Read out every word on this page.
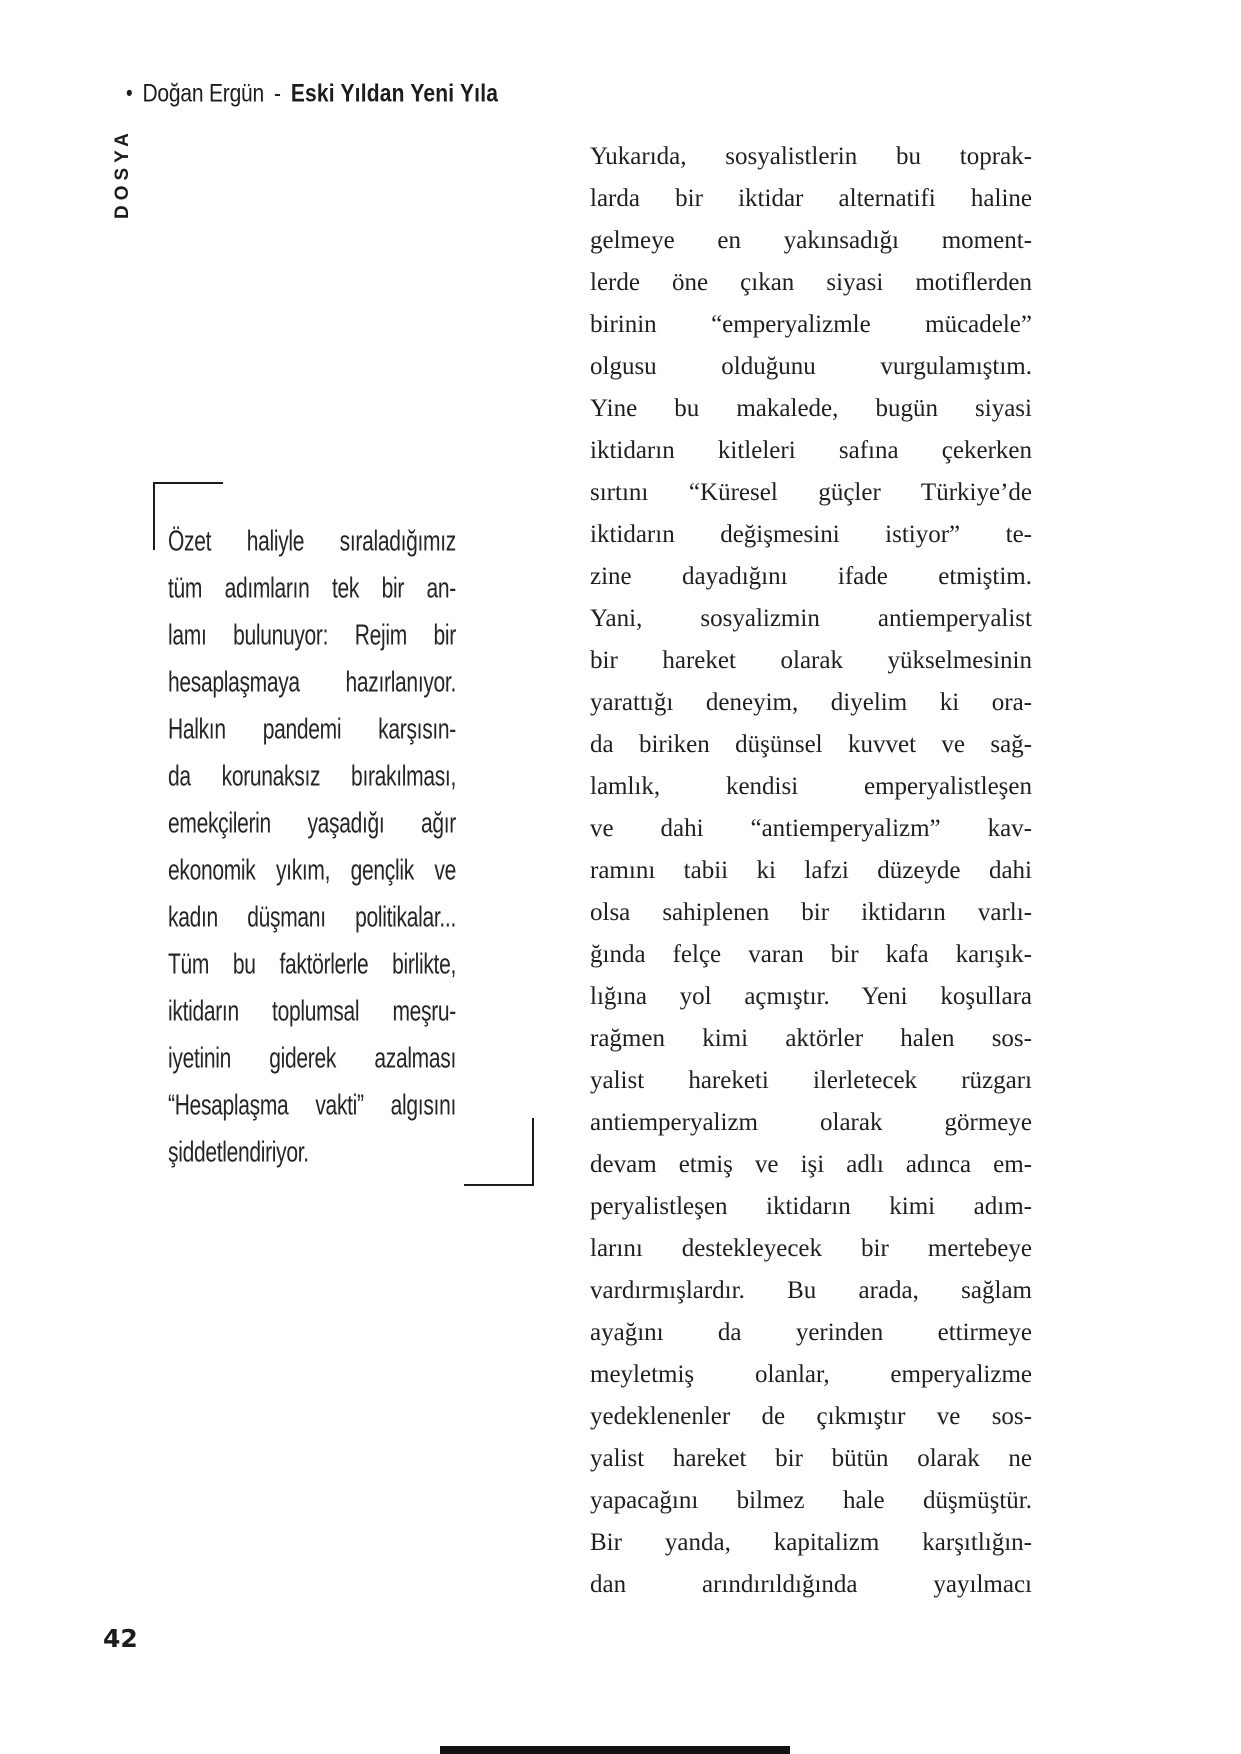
DOSYA
• Doğan Ergün - Eski Yıldan Yeni Yıla
Özet haliyle sıraladığımız
tüm adımların tek bir an-
lamı bulunuyor: Rejim bir
hesaplaşmaya hazırlanıyor.
Halkın pandemi karşısın-
da korunaksız bırakılması,
emekçilerin yaşadığı ağır
ekonomik yıkım, gençlik ve
kadın düşmanı politikalar...
Tüm bu faktörlerle birlikte,
iktidarın toplumsal meşru-
iyetinin giderek azalması
“Hesaplaşma vakti” algısını
şiddetlendiriyor.
Yukarıda, sosyalistlerin bu toprak-
larda bir iktidar alternatifi haline
gelmeye en yakınsadığı moment-
lerde öne çıkan siyasi motiflerden
birinin “emperyalizmle mücadele”
olgusu olduğunu vurgulamıştım.
Yine bu makalede, bugün siyasi
iktidarın kitleleri safına çekerken
sırtını “Küresel güçler Türkiye’de
iktidarın değişmesini istiyor” te-
zine dayadığını ifade etmiştim.
Yani, sosyalizmin antiemperyalist
bir hareket olarak yükselmesinin
yarattığı deneyim, diyelim ki ora-
da biriken düşünsel kuvvet ve sağ-
lamlık, kendisi emperyalistleşen
ve dahi “antiemperyalizm” kav-
ramını tabii ki lafzi düzeyde dahi
olsa sahiplenen bir iktidarın varlı-
ğında felçe varan bir kafa karışık-
lığına yol açmıştır. Yeni koşullara
rağmen kimi aktörler halen sos-
yalist hareketi ilerletecek rüzgarı
antiemperyalizm olarak görmeye
devam etmiş ve işi adlı adınca em-
peryalistleşen iktidarın kimi adım-
larını destekleyecek bir mertebeye
vardırmışlardır. Bu arada, sağlam
ayağını da yerinden ettirmeye
meyletmiş olanlar, emperyalizme
yedeklenenler de çıkmıştır ve sos-
yalist hareket bir bütün olarak ne
yapacağını bilmez hale düşmüştür.
Bir yanda, kapitalizm karşıtlığın-
dan arındırıldığında yayılmacı
42
